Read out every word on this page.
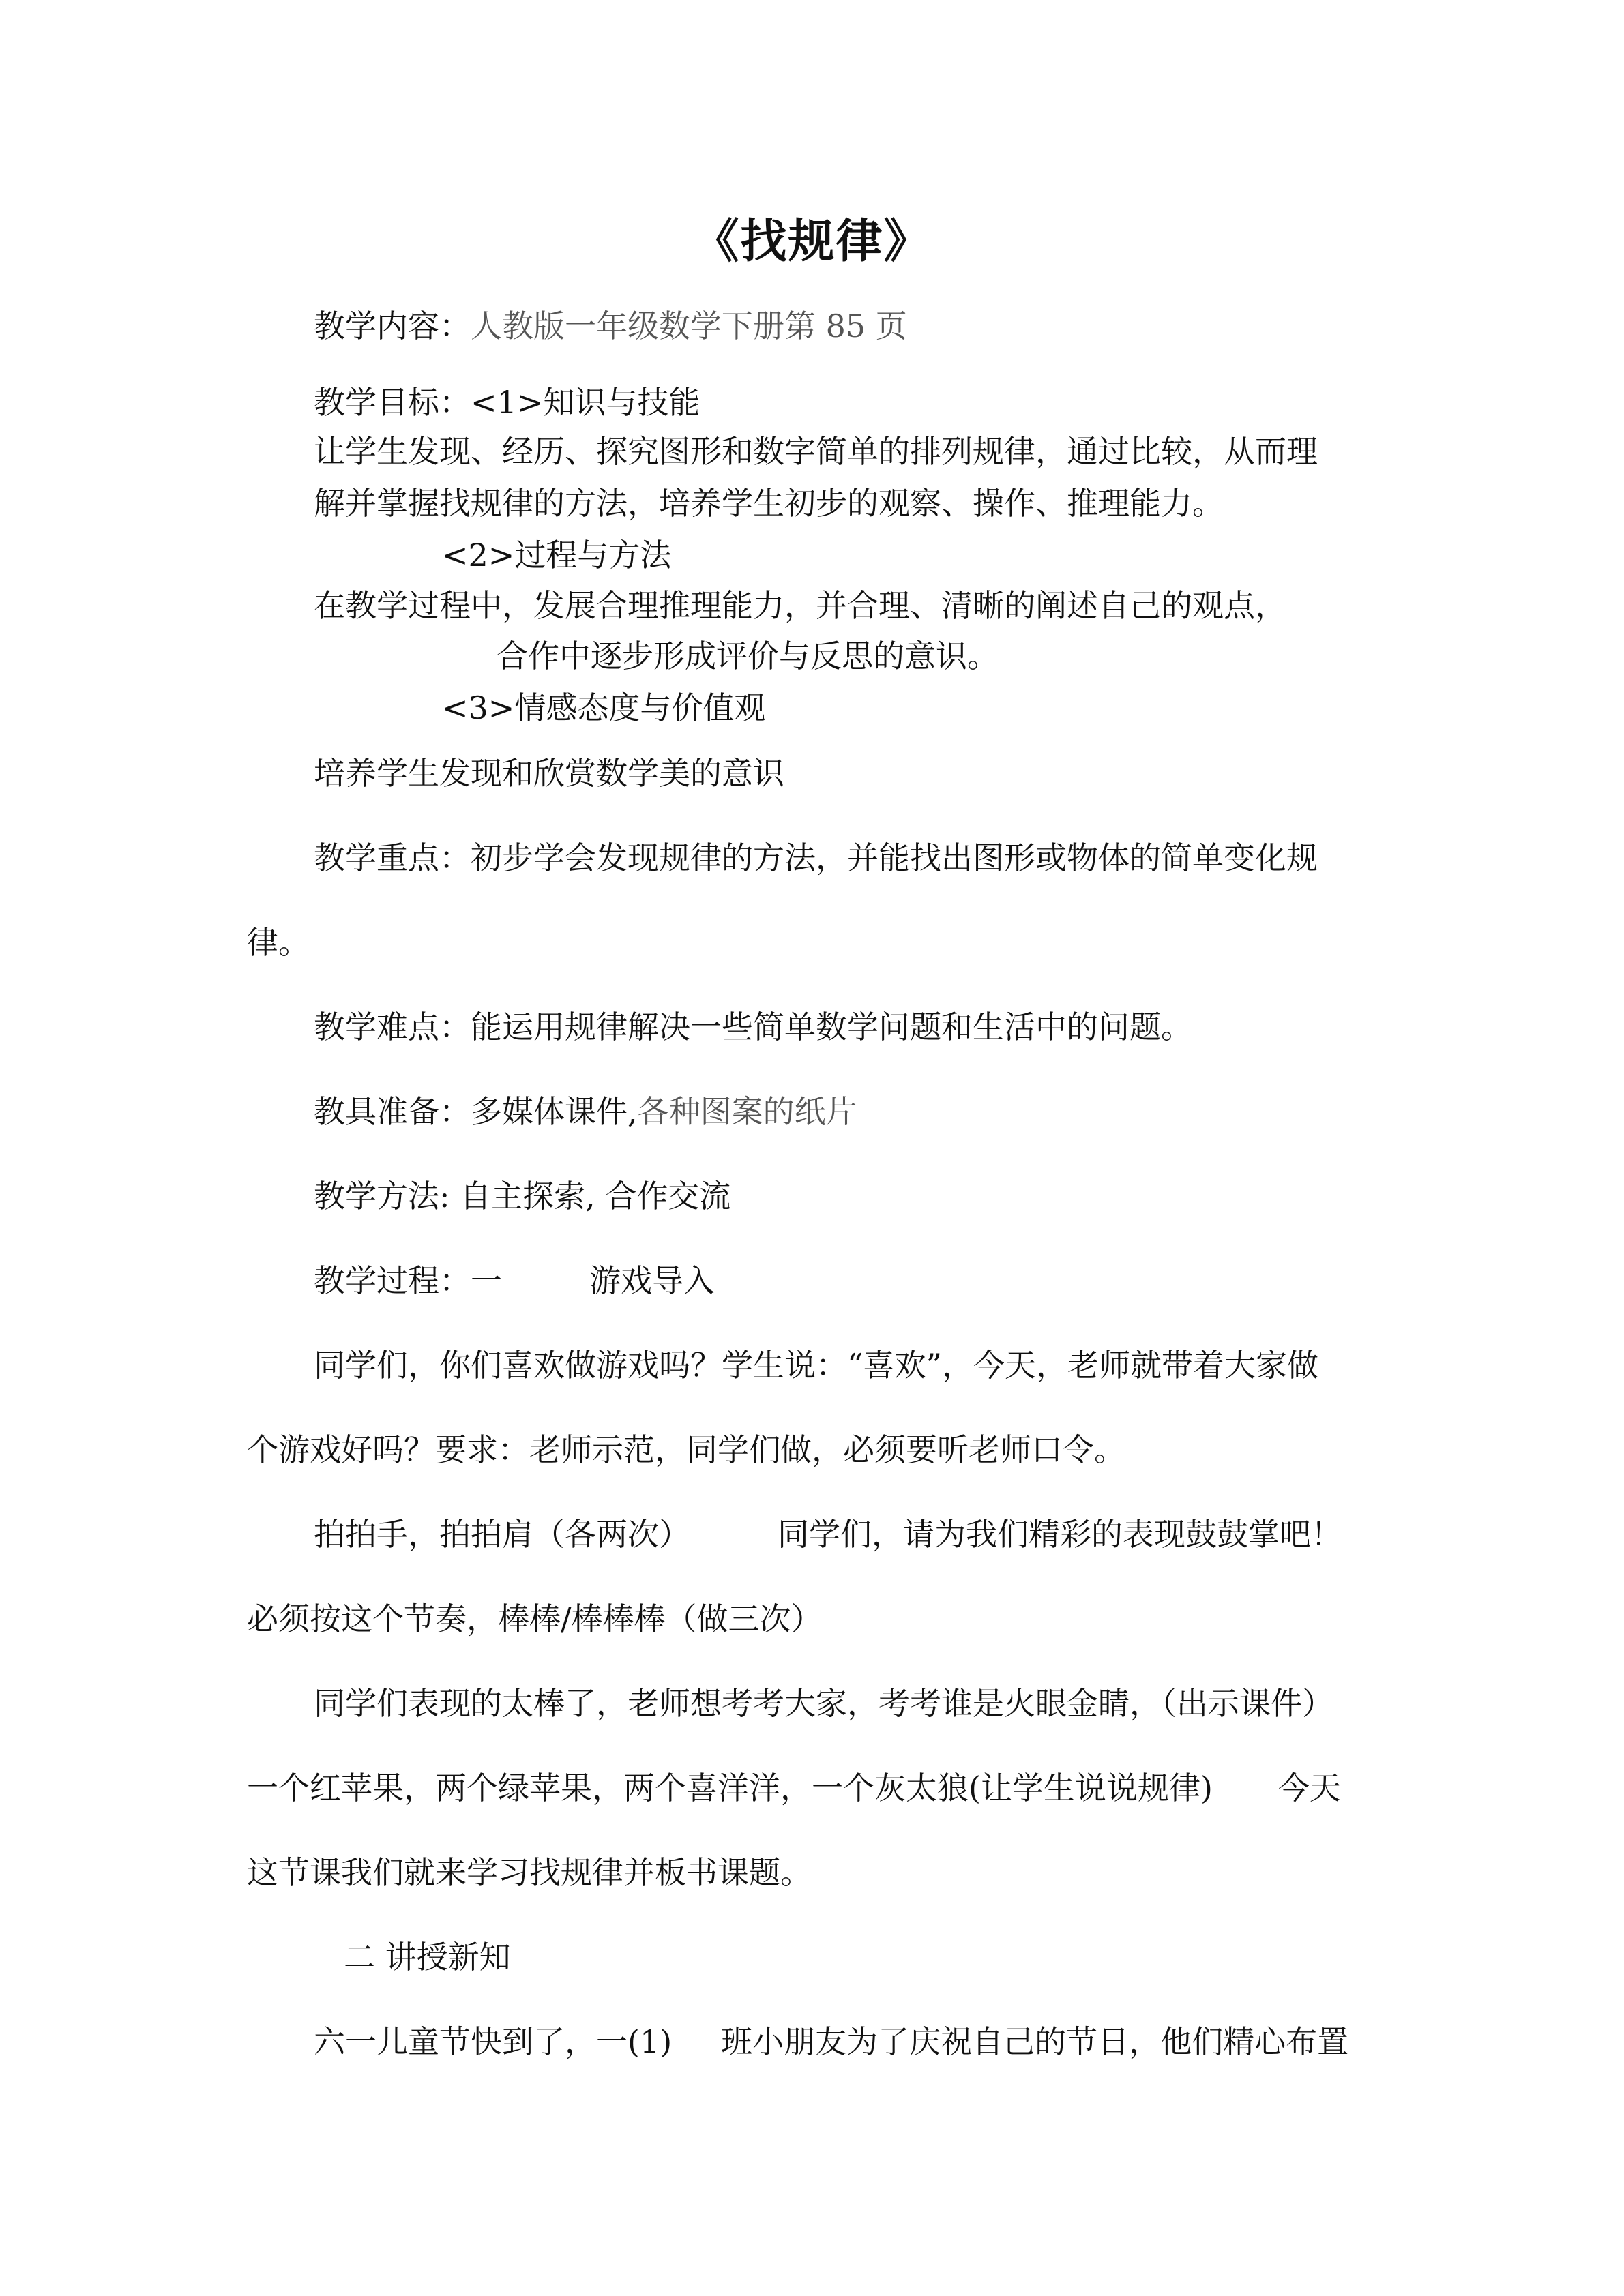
《找规律》
教学内容：人教版一年级数学下册第 85 页
教学目标：<1>知识与技能
让学生发现、经历、探究图形和数字简单的排列规律，通过比较，从而理
解并掌握找规律的方法，培养学生初步的观察、操作、推理能力。
<2>过程与方法
在教学过程中，发展合理推理能力，并合理、清晰的阐述自己的观点，
合作中逐步形成评价与反思的意识。
<3>情感态度与价值观
培养学生发现和欣赏数学美的意识
教学重点：初步学会发现规律的方法，并能找出图形或物体的简单变化规
律。
教学难点：能运用规律解决一些简单数学问题和生活中的问题。
教具准备：多媒体课件,各种图案的纸片
教学方法: 自主探索, 合作交流
教学过程：一	游戏导入
同学们，你们喜欢做游戏吗？学生说：“喜欢”，今天，老师就带着大家做
个游戏好吗？要求：老师示范，同学们做，必须要听老师口令。
拍拍手，拍拍肩（各两次）	同学们，请为我们精彩的表现鼓鼓掌吧！
必须按这个节奏，棒棒/棒棒棒（做三次）
同学们表现的太棒了，老师想考考大家，考考谁是火眼金睛，（出示课件）
一个红苹果，两个绿苹果，两个喜洋洋，一个灰太狼(让学生说说规律) 今天
这节课我们就来学习找规律并板书课题。
二 讲授新知
六一儿童节快到了，一(1) 班小朋友为了庆祝自己的节日，他们精心布置
